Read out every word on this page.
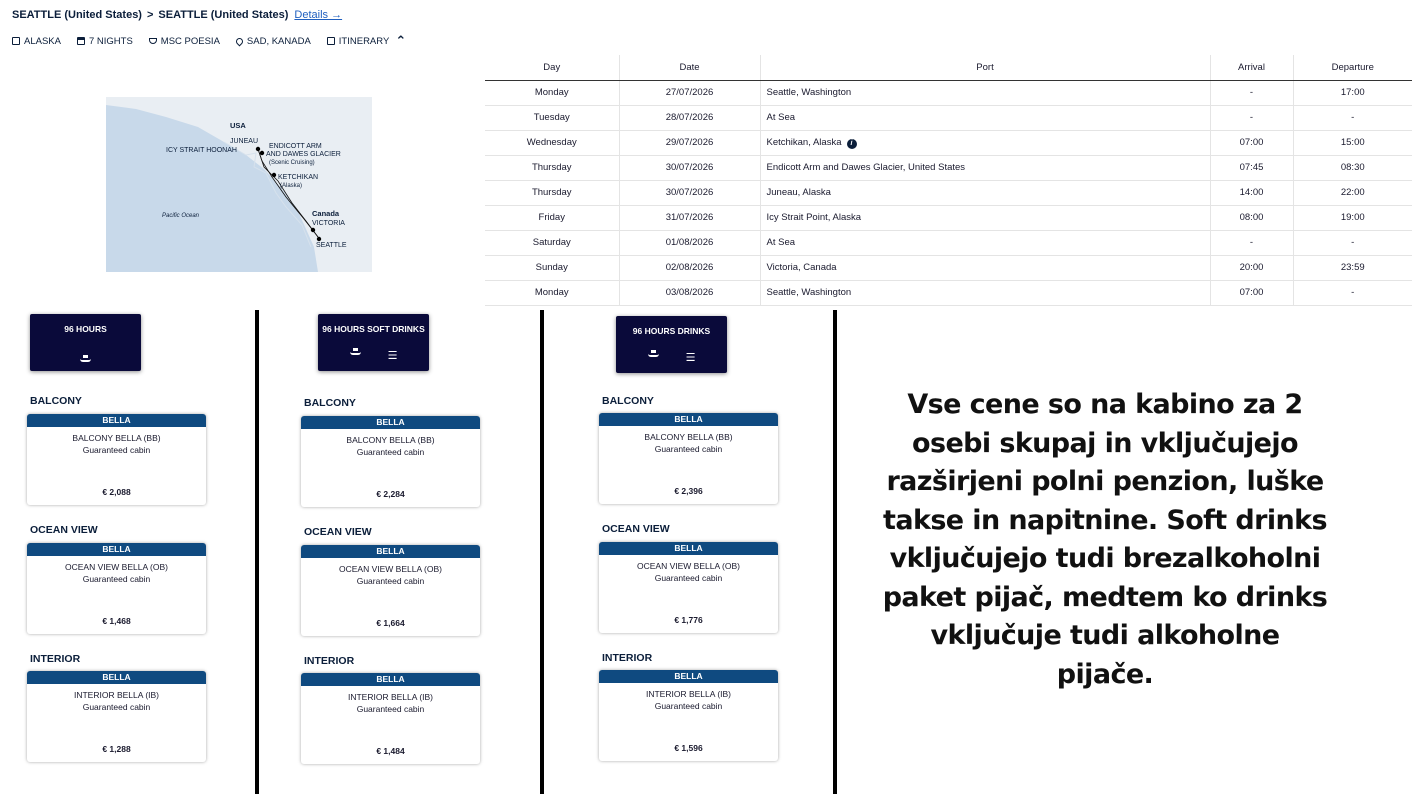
SEATTLE (United States) > SEATTLE (United States) Details →
ALASKA	7 NIGHTS	MSC POESIA	SAD, KANADA	ITINERARY ⌃
USA
JUNEAU
ICY STRAIT HOONAH
ENDICOTT ARM
AND DAWES GLACIER
(Scenic Cruising)
KETCHIKAN
(Alaska)
Pacific Ocean	Canada
VICTORIA
SEATTLE
Day	Date	Port	Arrival	Departure
Monday	27/07/2026	Seattle, Washington	-	17:00
Tuesday	28/07/2026	At Sea	-	-
Wednesday	29/07/2026	Ketchikan, Alaska i	07:00	15:00
Thursday	30/07/2026	Endicott Arm and Dawes Glacier, United States	07:45	08:30
Thursday	30/07/2026	Juneau, Alaska	14:00	22:00
Friday	31/07/2026	Icy Strait Point, Alaska	08:00	19:00
Saturday	01/08/2026	At Sea	-	-
Sunday	02/08/2026	Victoria, Canada	20:00	23:59
Monday	03/08/2026	Seattle, Washington	07:00	-
96 HOURS
BALCONY
BELLA
BALCONY BELLA (BB)
Guaranteed cabin
€ 2,088
OCEAN VIEW
BELLA
OCEAN VIEW BELLA (OB)
Guaranteed cabin
€ 1,468
INTERIOR
BELLA
INTERIOR BELLA (IB)
Guaranteed cabin
€ 1,288
96 HOURS SOFT DRINKS
☰
BALCONY
BELLA
BALCONY BELLA (BB)
Guaranteed cabin
€ 2,284
OCEAN VIEW
BELLA
OCEAN VIEW BELLA (OB)
Guaranteed cabin
€ 1,664
INTERIOR
BELLA
INTERIOR BELLA (IB)
Guaranteed cabin
€ 1,484
96 HOURS DRINKS
☰
BALCONY
BELLA
BALCONY BELLA (BB)
Guaranteed cabin
€ 2,396
OCEAN VIEW
BELLA
OCEAN VIEW BELLA (OB)
Guaranteed cabin
€ 1,776
INTERIOR
BELLA
INTERIOR BELLA (IB)
Guaranteed cabin
€ 1,596
Vse cene so na kabino za 2
osebi skupaj in vključujejo
razširjeni polni penzion, luške
takse in napitnine. Soft drinks
vključujejo tudi brezalkoholni
paket pijač, medtem ko drinks
vključuje tudi alkoholne pijače.
